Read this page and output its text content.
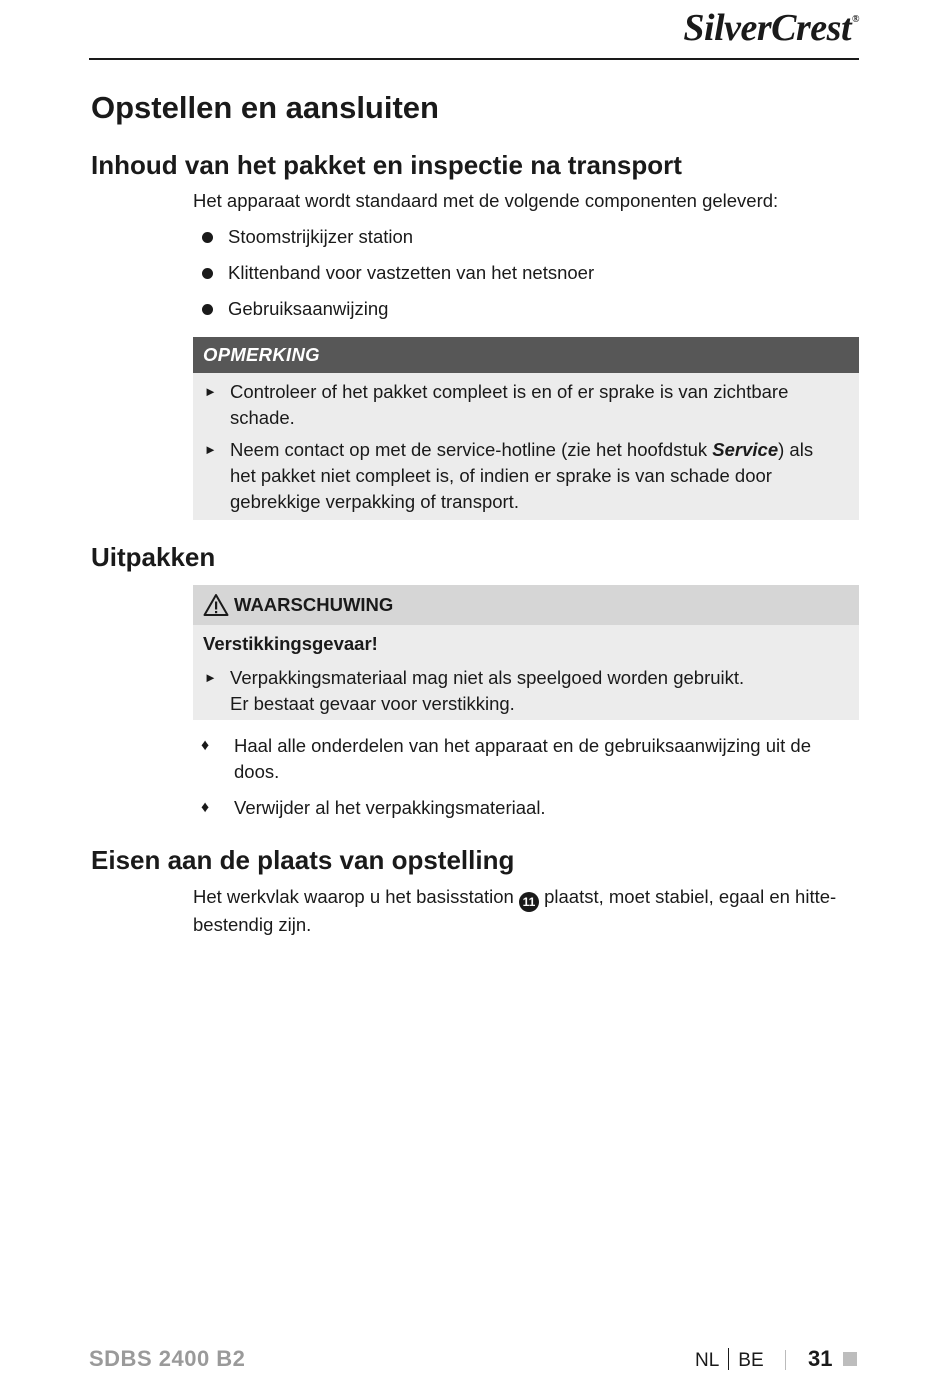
SilverCrest®
Opstellen en aansluiten
Inhoud van het pakket en inspectie na transport

Het apparaat wordt standaard met de volgende componenten geleverd:

Stoomstrijkijzer station
Klittenband voor vastzetten van het netsnoer
Gebruiksaanwijzing
OPMERKING
► Controleer of het pakket compleet is en of er sprake is van zichtbare schade.
► Neem contact op met de service-hotline (zie het hoofdstuk Service) als het pakket niet compleet is, of indien er sprake is van schade door gebrekkige verpakking of transport.
Uitpakken
WAARSCHUWING
Verstikkingsgevaar!
► Verpakkingsmateriaal mag niet als speelgoed worden gebruikt.
Er bestaat gevaar voor verstikking.
♦ Haal alle onderdelen van het apparaat en de gebruiksaanwijzing uit de doos.
♦ Verwijder al het verpakkingsmateriaal.
Eisen aan de plaats van opstelling

Het werkvlak waarop u het basisstation 11 plaatst, moet stabiel, egaal en hitte-bestendig zijn.

SDBS 2400 B2	NL BE 31
